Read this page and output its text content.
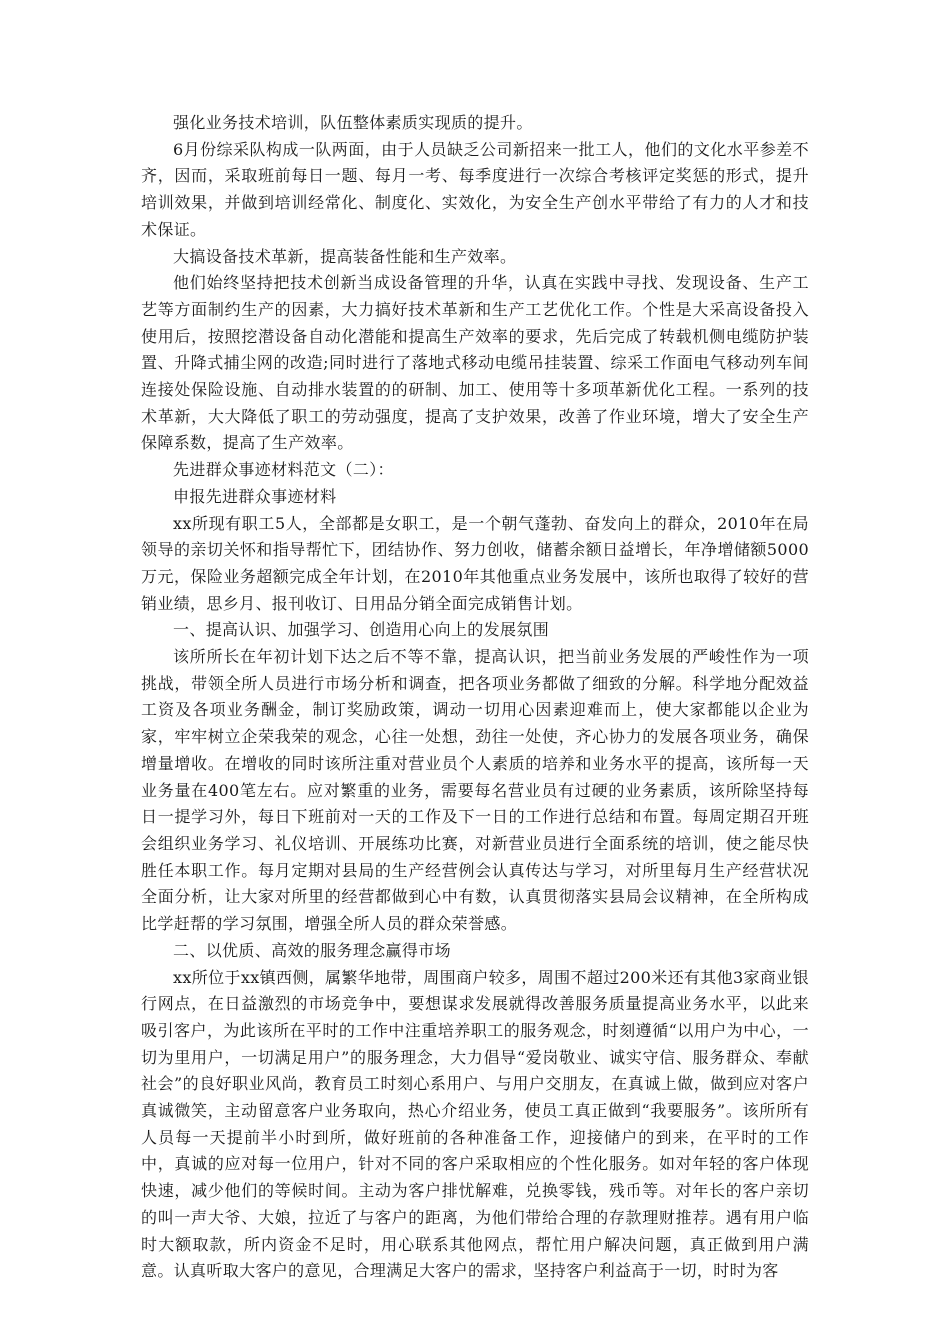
强化业务技术培训，队伍整体素质实现质的提升。

6月份综采队构成一队两面，由于人员缺乏公司新招来一批工人，他们的文化水平参差不齐，因而，采取班前每日一题、每月一考、每季度进行一次综合考核评定奖惩的形式，提升培训效果，并做到培训经常化、制度化、实效化，为安全生产创水平带给了有力的人才和技术保证。

大搞设备技术革新，提高装备性能和生产效率。

他们始终坚持把技术创新当成设备管理的升华，认真在实践中寻找、发现设备、生产工艺等方面制约生产的因素，大力搞好技术革新和生产工艺优化工作。个性是大采高设备投入使用后，按照挖潜设备自动化潜能和提高生产效率的要求，先后完成了转载机侧电缆防护装置、升降式捕尘网的改造;同时进行了落地式移动电缆吊挂装置、综采工作面电气移动列车间连接处保险设施、自动排水装置的的研制、加工、使用等十多项革新优化工程。一系列的技术革新，大大降低了职工的劳动强度，提高了支护效果，改善了作业环境，增大了安全生产保障系数，提高了生产效率。

先进群众事迹材料范文（二）：

申报先进群众事迹材料

xx所现有职工5人，全部都是女职工，是一个朝气蓬勃、奋发向上的群众，2010年在局领导的亲切关怀和指导帮忙下，团结协作、努力创收，储蓄余额日益增长，年净增储额5000万元，保险业务超额完成全年计划，在2010年其他重点业务发展中，该所也取得了较好的营销业绩，思乡月、报刊收订、日用品分销全面完成销售计划。

一、提高认识、加强学习、创造用心向上的发展氛围

该所所长在年初计划下达之后不等不靠，提高认识，把当前业务发展的严峻性作为一项挑战，带领全所人员进行市场分析和调查，把各项业务都做了细致的分解。科学地分配效益工资及各项业务酬金，制订奖励政策，调动一切用心因素迎难而上，使大家都能以企业为家，牢牢树立企荣我荣的观念，心往一处想，劲往一处使，齐心协力的发展各项业务，确保增量增收。在增收的同时该所注重对营业员个人素质的培养和业务水平的提高，该所每一天业务量在400笔左右。应对繁重的业务，需要每名营业员有过硬的业务素质，该所除坚持每日一提学习外，每日下班前对一天的工作及下一日的工作进行总结和布置。每周定期召开班会组织业务学习、礼仪培训、开展练功比赛，对新营业员进行全面系统的培训，使之能尽快胜任本职工作。每月定期对县局的生产经营例会认真传达与学习，对所里每月生产经营状况全面分析，让大家对所里的经营都做到心中有数，认真贯彻落实县局会议精神，在全所构成比学赶帮的学习氛围，增强全所人员的群众荣誉感。

二、以优质、高效的服务理念赢得市场

xx所位于xx镇西侧，属繁华地带，周围商户较多，周围不超过200米还有其他3家商业银行网点，在日益激烈的市场竞争中，要想谋求发展就得改善服务质量提高业务水平，以此来吸引客户，为此该所在平时的工作中注重培养职工的服务观念，时刻遵循“以用户为中心，一切为里用户，一切满足用户”的服务理念，大力倡导“爱岗敬业、诚实守信、服务群众、奉献社会”的良好职业风尚，教育员工时刻心系用户、与用户交朋友，在真诚上做，做到应对客户真诚微笑，主动留意客户业务取向，热心介绍业务，使员工真正做到“我要服务”。该所所有人员每一天提前半小时到所，做好班前的各种准备工作，迎接储户的到来，在平时的工作中，真诚的应对每一位用户，针对不同的客户采取相应的个性化服务。如对年轻的客户体现快速，减少他们的等候时间。主动为客户排忧解难，兑换零钱，残币等。对年长的客户亲切的叫一声大爷、大娘，拉近了与客户的距离，为他们带给合理的存款理财推荐。遇有用户临时大额取款，所内资金不足时，用心联系其他网点，帮忙用户解决问题，真正做到用户满意。认真听取大客户的意见，合理满足大客户的需求，坚持客户利益高于一切，时时为客
